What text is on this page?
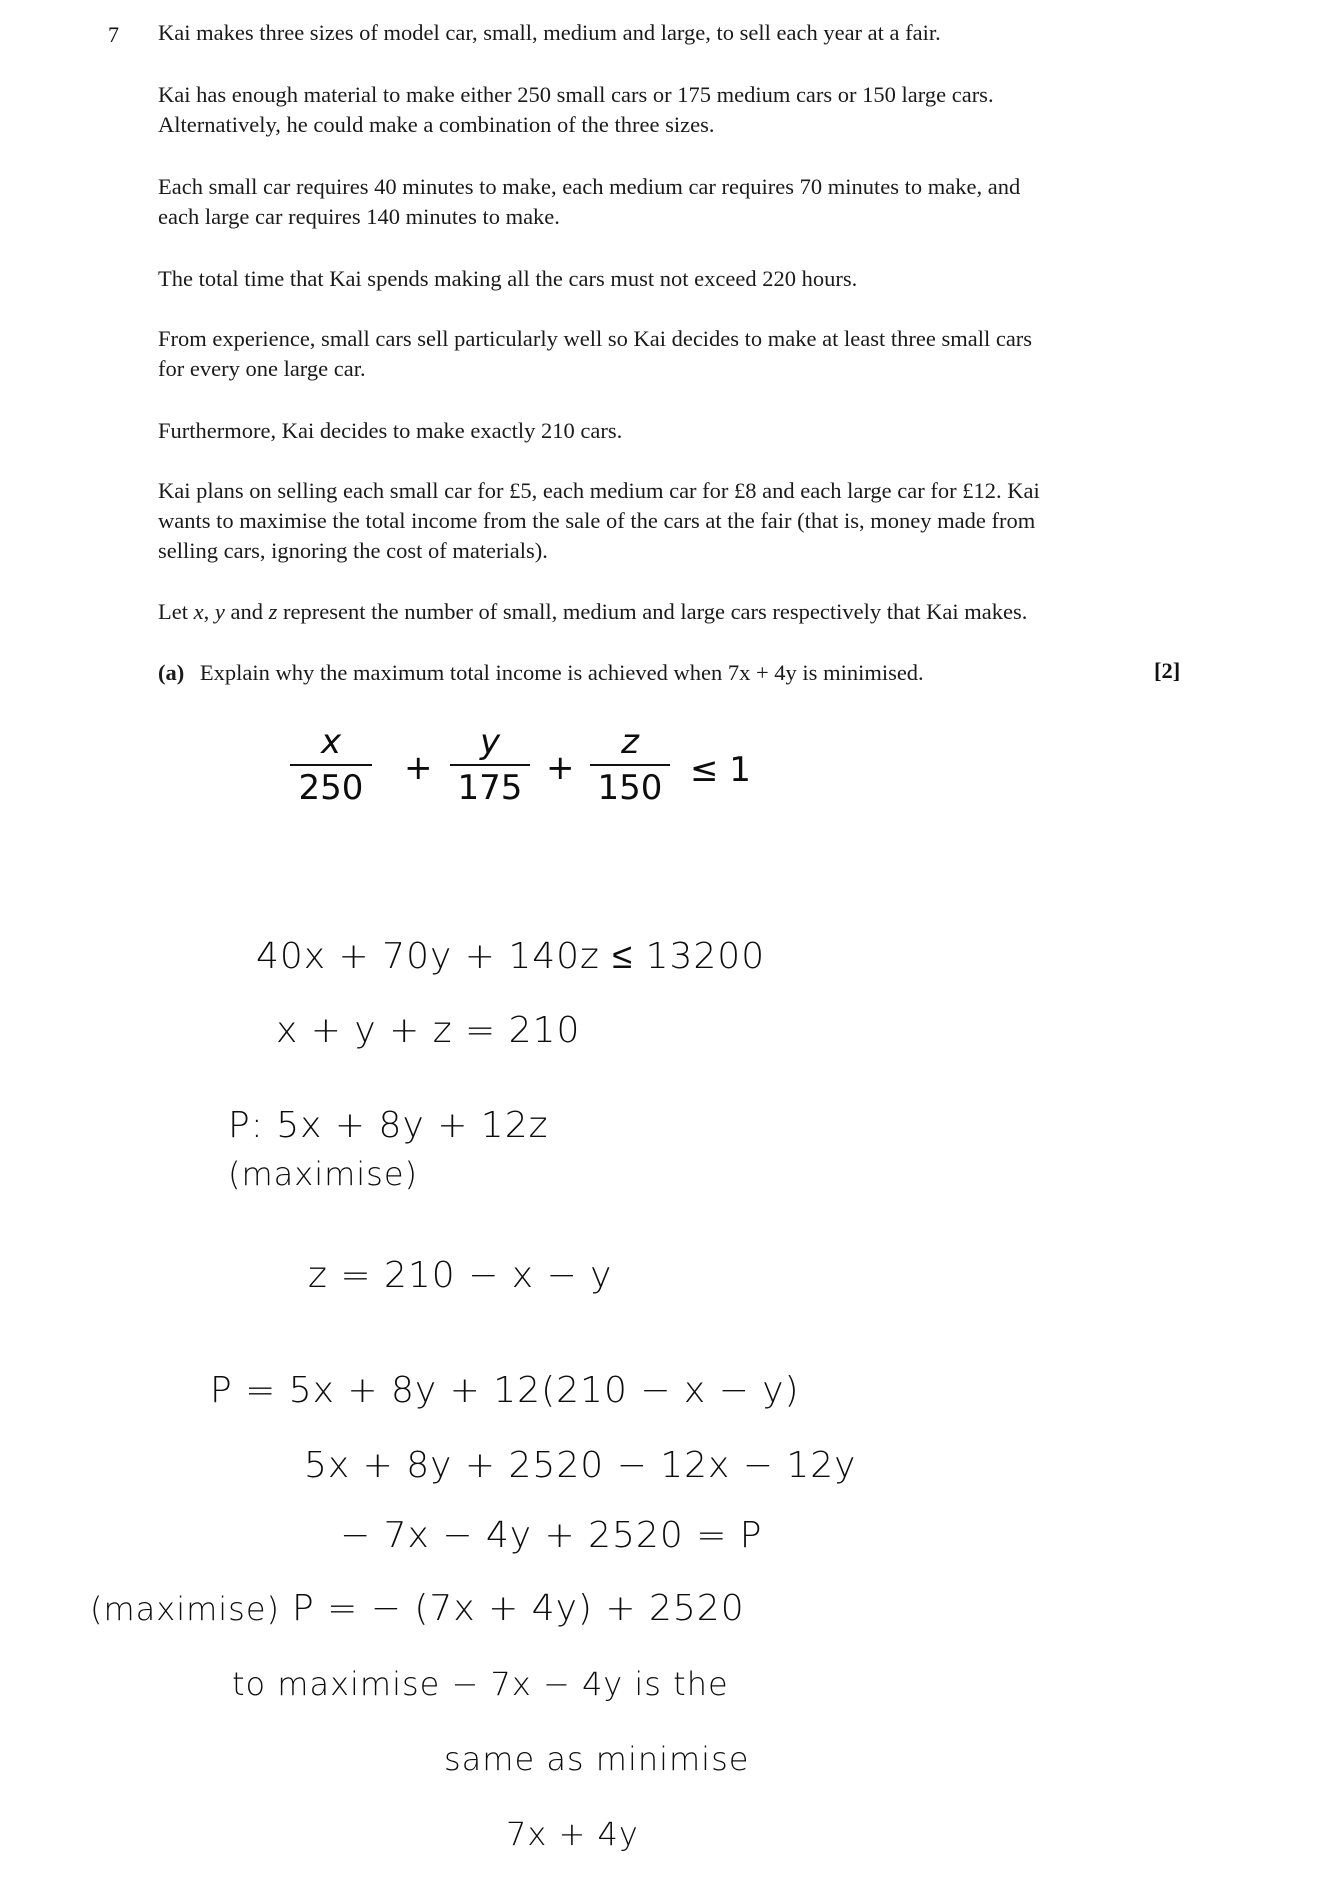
7 Kai makes three sizes of model car, small, medium and large, to sell each year at a fair.
Kai has enough material to make either 250 small cars or 175 medium cars or 150 large cars.
Alternatively, he could make a combination of the three sizes.
Each small car requires 40 minutes to make, each medium car requires 70 minutes to make, and
each large car requires 140 minutes to make.
The total time that Kai spends making all the cars must not exceed 220 hours.
From experience, small cars sell particularly well so Kai decides to make at least three small cars
for every one large car.
Furthermore, Kai decides to make exactly 210 cars.
Kai plans on selling each small car for £5, each medium car for £8 and each large car for £12. Kai
wants to maximise the total income from the sale of the cars at the fair (that is, money made from
selling cars, ignoring the cost of materials).
Let x, y and z represent the number of small, medium and large cars respectively that Kai makes.
(a) Explain why the maximum total income is achieved when 7x + 4y is minimised.	[2]
x
250 +
y
175 +
z
150 ≤ 1
40x + 70y + 140z ≤ 13200
x + y + z = 210
P: 5x + 8y + 12z
(maximise)
z = 210 − x − y
P = 5x + 8y + 12(210 − x − y)
5x + 8y + 2520 − 12x − 12y
− 7x − 4y + 2520 = P
(maximise) P = − (7x + 4y) + 2520
to maximise − 7x − 4y is the
same as minimise
7x + 4y
